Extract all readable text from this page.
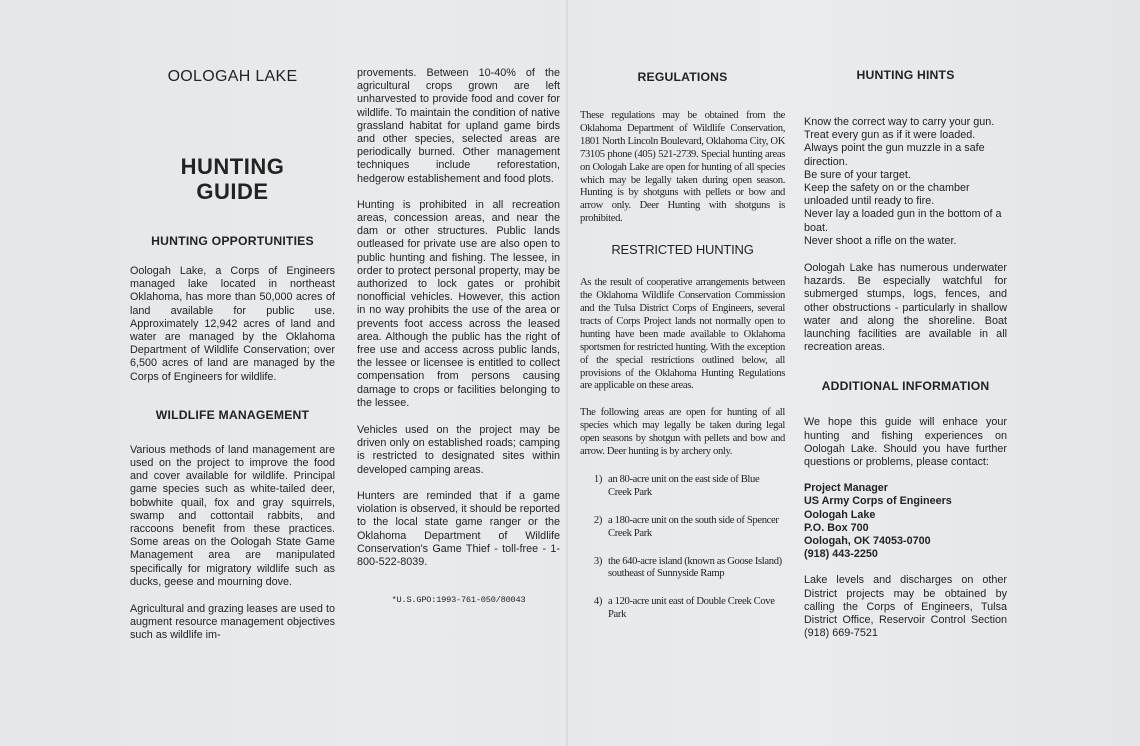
OOLOGAH LAKE
HUNTING
GUIDE
HUNTING OPPORTUNITIES

Oologah Lake, a Corps of Engineers managed lake located in northeast Oklahoma, has more than 50,000 acres of land available for public use. Approximately 12,942 acres of land and water are managed by the Oklahoma Department of Wildlife Conservation; over 6,500 acres of land are managed by the Corps of Engineers for wildlife.

WILDLIFE MANAGEMENT

Various methods of land management are used on the project to improve the food and cover available for wildlife. Principal game species such as white-tailed deer, bobwhite quail, fox and gray squirrels, swamp and cottontail rabbits, and raccoons benefit from these practices. Some areas on the Oologah State Game Management area are manipulated specifically for migratory wildlife such as ducks, geese and mourning dove.

Agricultural and grazing leases are used to augment resource management objectives such as wildlife im-

provements. Between 10-40% of the agricultural crops grown are left unharvested to provide food and cover for wildlife. To maintain the condition of native grassland habitat for upland game birds and other species, selected areas are periodically burned. Other management techniques include reforestation, hedgerow establishement and food plots.

Hunting is prohibited in all recreation areas, concession areas, and near the dam or other structures. Public lands outleased for private use are also open to public hunting and fishing. The lessee, in order to protect personal property, may be authorized to lock gates or prohibit nonofficial vehicles. However, this action in no way prohibits the use of the area or prevents foot access across the leased area. Although the public has the right of free use and access across public lands, the lessee or licensee is entitled to collect compensation from persons causing damage to crops or facilities belonging to the lessee.

Vehicles used on the project may be driven only on established roads; camping is restricted to designated sites within developed camping areas.

Hunters are reminded that if a game violation is observed, it should be reported to the local state game ranger or the Oklahoma Department of Wildlife Conservation's Game Thief - toll-free - 1-800-522-8039.

*U.S.GPO:1993-761-050/80043

REGULATIONS

These regulations may be obtained from the Oklahoma Department of Wildlife Conservation, 1801 North Lincoln Boulevard, Oklahoma City, OK 73105 phone (405) 521-2739. Special hunting areas on Oologah Lake are open for hunting of all species which may be legally taken during open season. Hunting is by shotguns with pellets or bow and arrow only. Deer Hunting with shotguns is prohibited.

RESTRICTED HUNTING

As the result of cooperative arrangements between the Oklahoma Wildlife Conservation Commission and the Tulsa District Corps of Engineers, several tracts of Corps Project lands not normally open to hunting have been made available to Oklahoma sportsmen for restricted hunting. With the exception of the special restrictions outlined below, all provisions of the Oklahoma Hunting Regulations are applicable on these areas.

The following areas are open for hunting of all species which may legally be taken during legal open seasons by shotgun with pellets and bow and arrow. Deer hunting is by archery only.

1) an 80-acre unit on the east side of Blue Creek Park
2) a 180-acre unit on the south side of Spencer Creek Park
3) the 640-acre island (known as Goose Island) southeast of Sunnyside Ramp
4) a 120-acre unit east of Double Creek Cove Park
HUNTING HINTS
Know the correct way to carry your gun.
Treat every gun as if it were loaded.
Always point the gun muzzle in a safe direction.
Be sure of your target.
Keep the safety on or the chamber unloaded until ready to fire.
Never lay a loaded gun in the bottom of a boat.
Never shoot a rifle on the water.

Oologah Lake has numerous underwater hazards. Be especially watchful for submerged stumps, logs, fences, and other obstructions - particularly in shallow water and along the shoreline. Boat launching facilities are available in all recreation areas.

ADDITIONAL INFORMATION

We hope this guide will enhace your hunting and fishing experiences on Oologah Lake. Should you have further questions or problems, please contact:

Project Manager
US Army Corps of Engineers
Oologah Lake
P.O. Box 700
Oologah, OK 74053-0700
(918) 443-2250

Lake levels and discharges on other District projects may be obtained by calling the Corps of Engineers, Tulsa District Office, Reservoir Control Section (918) 669-7521
